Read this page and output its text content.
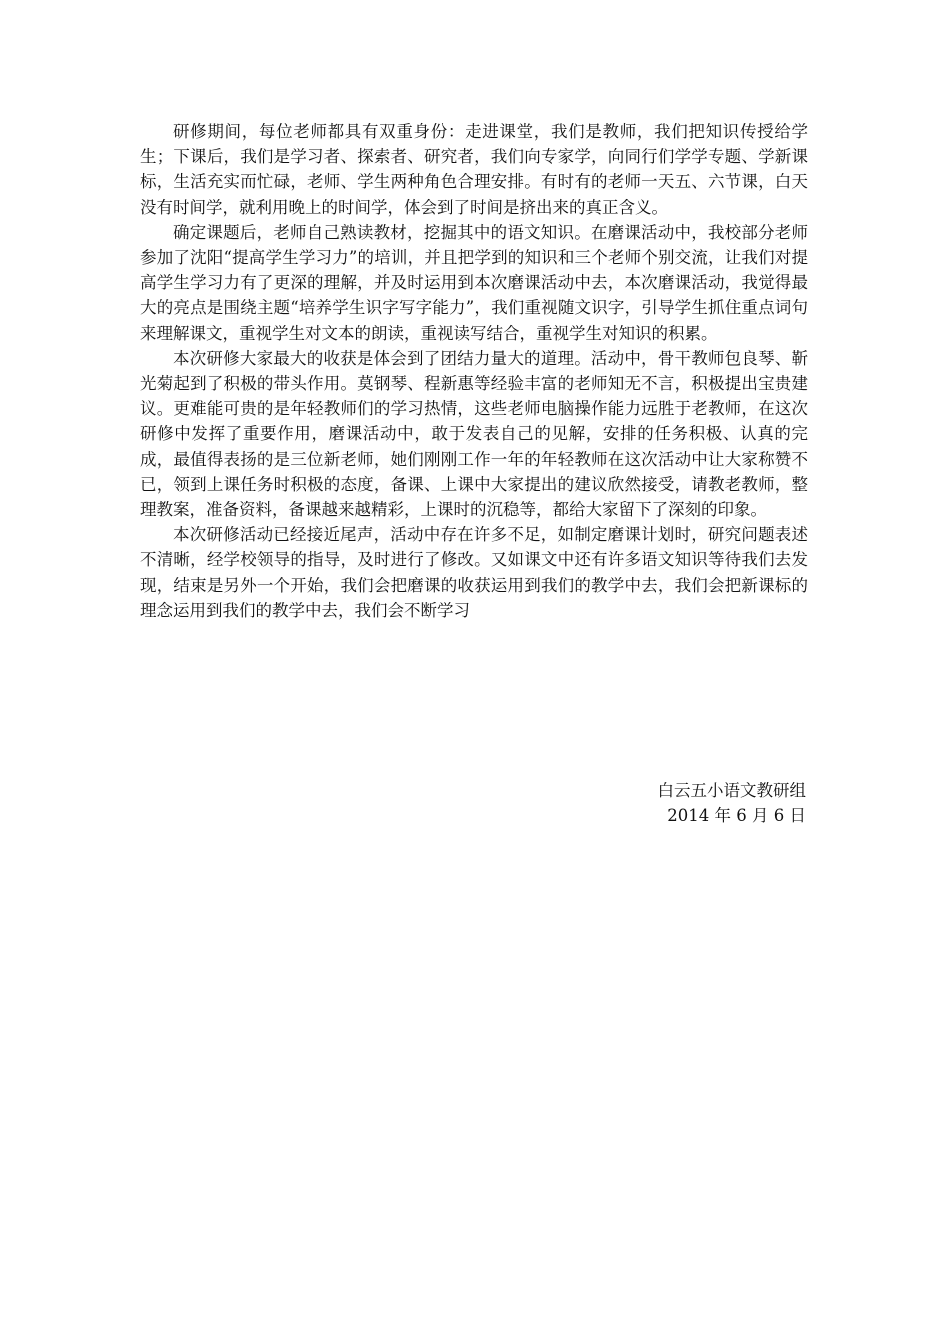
研修期间，每位老师都具有双重身份：走进课堂，我们是教师，我们把知识传授给学生；下课后，我们是学习者、探索者、研究者，我们向专家学，向同行们学学专题、学新课标，生活充实而忙碌，老师、学生两种角色合理安排。有时有的老师一天五、六节课，白天没有时间学，就利用晚上的时间学，体会到了时间是挤出来的真正含义。

确定课题后，老师自己熟读教材，挖掘其中的语文知识。在磨课活动中，我校部分老师参加了沈阳“提高学生学习力”的培训，并且把学到的知识和三个老师个别交流，让我们对提高学生学习力有了更深的理解，并及时运用到本次磨课活动中去，本次磨课活动，我觉得最大的亮点是围绕主题“培养学生识字写字能力”，我们重视随文识字，引导学生抓住重点词句来理解课文，重视学生对文本的朗读，重视读写结合，重视学生对知识的积累。

本次研修大家最大的收获是体会到了团结力量大的道理。活动中，骨干教师包良琴、靳光菊起到了积极的带头作用。莫钢琴、程新惠等经验丰富的老师知无不言，积极提出宝贵建议。更难能可贵的是年轻教师们的学习热情，这些老师电脑操作能力远胜于老教师，在这次研修中发挥了重要作用，磨课活动中，敢于发表自己的见解，安排的任务积极、认真的完成，最值得表扬的是三位新老师，她们刚刚工作一年的年轻教师在这次活动中让大家称赞不已，领到上课任务时积极的态度，备课、上课中大家提出的建议欣然接受，请教老教师，整理教案，准备资料，备课越来越精彩，上课时的沉稳等，都给大家留下了深刻的印象。

本次研修活动已经接近尾声，活动中存在许多不足，如制定磨课计划时，研究问题表述不清晰，经学校领导的指导，及时进行了修改。又如课文中还有许多语文知识等待我们去发现，结束是另外一个开始，我们会把磨课的收获运用到我们的教学中去，我们会把新课标的理念运用到我们的教学中去，我们会不断学习

白云五小语文教研组
2014 年 6 月 6 日
